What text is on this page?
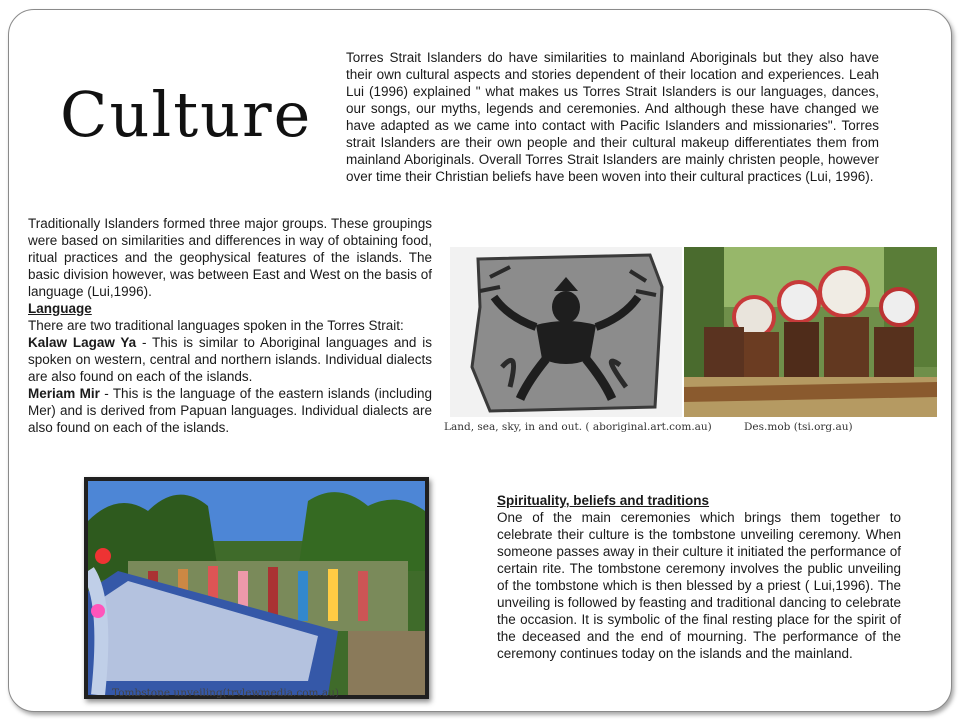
Culture

Torres Strait Islanders do have similarities to mainland Aboriginals but they also have their own cultural aspects and stories dependent of their location and experiences. Leah Lui (1996) explained " what makes us Torres Strait Islanders is our languages, dances, our songs, our myths, legends and ceremonies. And although these have changed we have adapted as we came into contact with Pacific Islanders and missionaries". Torres strait Islanders are their own people and their cultural makeup differentiates them from mainland Aboriginals. Overall Torres Strait Islanders are mainly christen people, however over time their Christian beliefs have been woven into their cultural practices (Lui, 1996).

Traditionally Islanders formed three major groups. These groupings were based on similarities and differences in way of obtaining food, ritual practices and the geophysical features of the islands. The basic division however, was between East and West on the basis of language (Lui,1996).
Language
There are two traditional languages spoken in the Torres Strait:
Kalaw Lagaw Ya - This is similar to Aboriginal languages and is spoken on western, central and northern islands. Individual dialects are also found on each of the islands.
Meriam Mir - This is the language of the eastern islands (including Mer) and is derived from Papuan languages. Individual dialects are also found on each of the islands.	Land, sea, sky, in and out. ( aboriginal.art.com.au)	Des.mob (tsi.org.au)
Tombstone unveiling(trvlewmedia.com.au)
Spirituality, beliefs and traditions
One of the main ceremonies which brings them together to celebrate their culture is the tombstone unveiling ceremony. When someone passes away in their culture it initiated the performance of certain rite. The tombstone ceremony involves the public unveiling of the tombstone which is then blessed by a priest ( Lui,1996). The unveiling is followed by feasting and traditional dancing to celebrate the occasion. It is symbolic of the final resting place for the spirit of the deceased and the end of mourning. The performance of the ceremony continues today on the islands and the mainland.
